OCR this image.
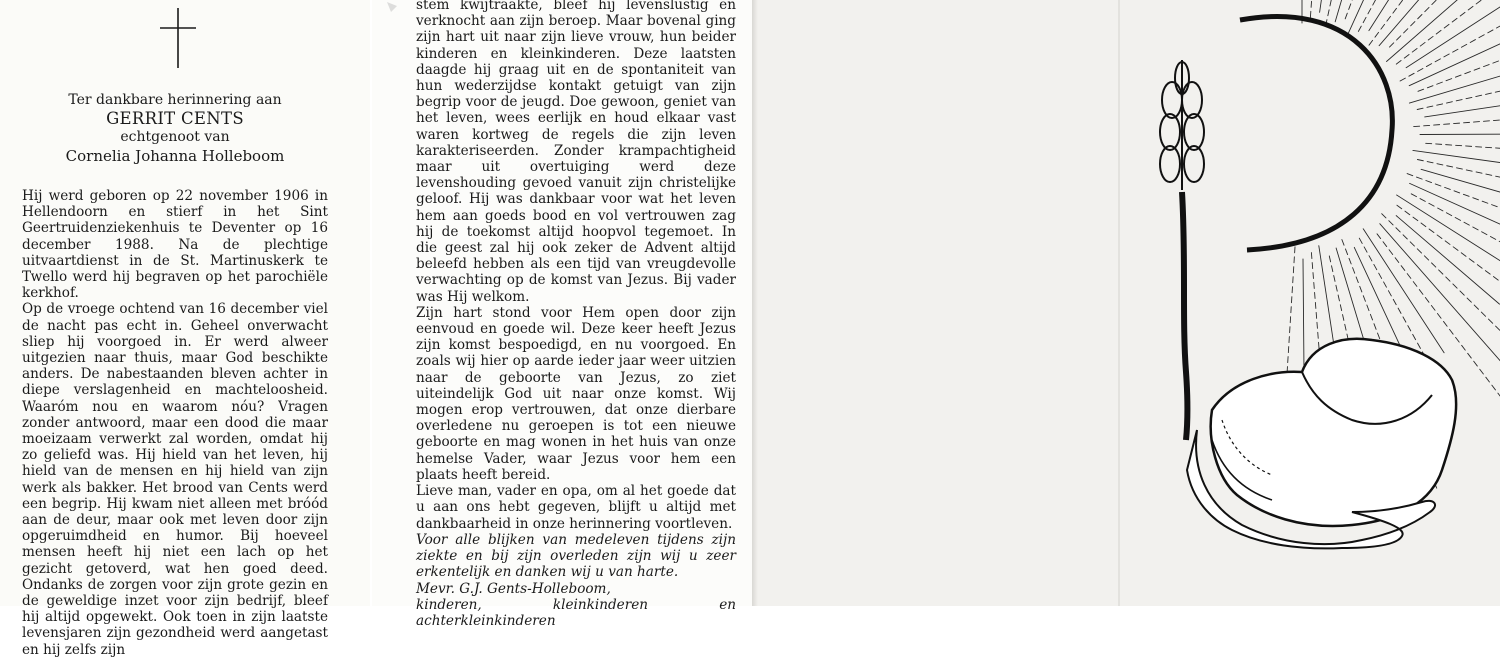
Ter dankbare herinnering aan
GERRIT CENTS
echtgenoot van
Cornelia Johanna Holleboom

Hij werd geboren op 22 november 1906 in Hellendoorn en stierf in het Sint Geertruidenziekenhuis te Deventer op 16 december 1988. Na de plechtige uitvaartdienst in de St. Martinuskerk te Twello werd hij begraven op het parochiële kerkhof.

Op de vroege ochtend van 16 december viel de nacht pas echt in. Geheel onverwacht sliep hij voorgoed in. Er werd alweer uitgezien naar thuis, maar God beschikte anders. De nabestaanden bleven achter in diepe verslagenheid en machteloosheid. Waaróm nou en waarom nóu? Vragen zonder antwoord, maar een dood die maar moeizaam verwerkt zal worden, omdat hij zo geliefd was. Hij hield van het leven, hij hield van de mensen en hij hield van zijn werk als bakker. Het brood van Cents werd een begrip. Hij kwam niet alleen met bróód aan de deur, maar ook met leven door zijn opgeruimdheid en humor. Bij hoeveel mensen heeft hij niet een lach op het gezicht getoverd, wat hen goed deed. Ondanks de zorgen voor zijn grote gezin en de geweldige inzet voor zijn bedrijf, bleef hij altijd opgewekt. Ook toen in zijn laatste levensjaren zijn gezondheid werd aangetast en hij zelfs zijn

stem kwijtraakte, bleef hij levenslustig en verknocht aan zijn beroep. Maar bovenal ging zijn hart uit naar zijn lieve vrouw, hun beider kinderen en kleinkinderen. Deze laatsten daagde hij graag uit en de spontaniteit van hun wederzijdse kontakt getuigt van zijn begrip voor de jeugd. Doe gewoon, geniet van het leven, wees eerlijk en houd elkaar vast waren kortweg de regels die zijn leven karakteriseerden. Zonder krampachtigheid maar uit overtuiging werd deze levenshouding gevoed vanuit zijn christelijke geloof. Hij was dankbaar voor wat het leven hem aan goeds bood en vol vertrouwen zag hij de toekomst altijd hoopvol tegemoet. In die geest zal hij ook zeker de Advent altijd beleefd hebben als een tijd van vreugdevolle verwachting op de komst van Jezus. Bij vader was Hij welkom.

Zijn hart stond voor Hem open door zijn eenvoud en goede wil. Deze keer heeft Jezus zijn komst bespoedigd, en nu voorgoed. En zoals wij hier op aarde ieder jaar weer uitzien naar de geboorte van Jezus, zo ziet uiteindelijk God uit naar onze komst. Wij mogen erop vertrouwen, dat onze dierbare overledene nu geroepen is tot een nieuwe geboorte en mag wonen in het huis van onze hemelse Vader, waar Jezus voor hem een plaats heeft bereid.

Lieve man, vader en opa, om al het goede dat u aan ons hebt gegeven, blijft u altijd met dankbaarheid in onze herinnering voortleven.

Voor alle blijken van medeleven tijdens zijn ziekte en bij zijn overleden zijn wij u zeer erkentelijk en danken wij u van harte.

Mevr. G.J. Gents-Holleboom,

kinderen, kleinkinderen en achterkleinkinderen
